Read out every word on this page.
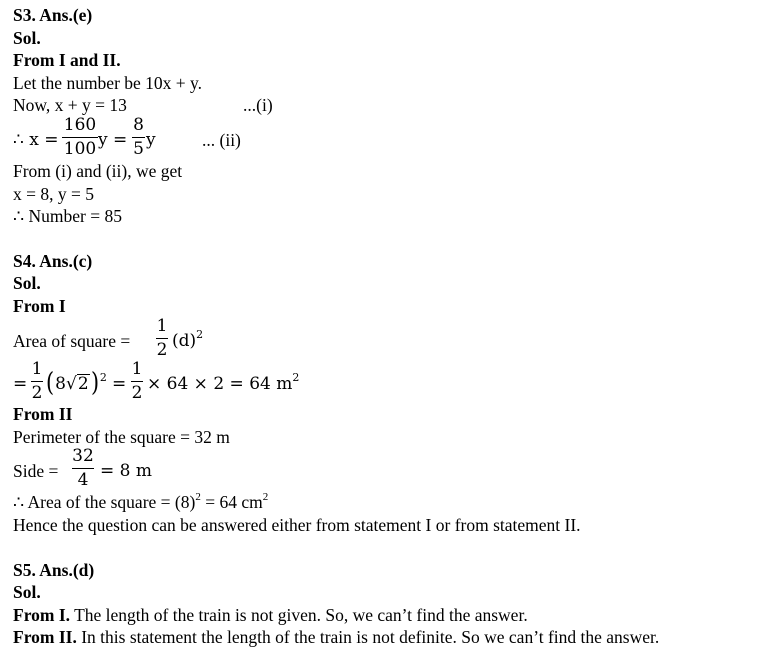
S3. Ans.(e)
Sol.
From I and II.
Let the number be 10x + y.
Now, x + y = 13	...(i)
∴ x =
160
100 y =
8
5 y	... (ii)
From (i) and (ii), we get
x = 8, y = 5
∴ Number = 85
S4. Ans.(c)
Sol.
From I
Area of square =
1
2 $(d)^2$
=
1
2 $(8√2)^2$ =
1
2 × 64 × 2 = 64 $m^2$
From II
Perimeter of the square = 32 m
Side =
32
4 = 8 m
∴ Area of the square = $(8)^2 = 64$ $cm^2$
Hence the question can be answered either from statement I or from statement II.
S5. Ans.(d)
Sol.
From I. The length of the train is not given. So, we can’t find the answer.
From II. In this statement the length of the train is not definite. So we can’t find the answer.
